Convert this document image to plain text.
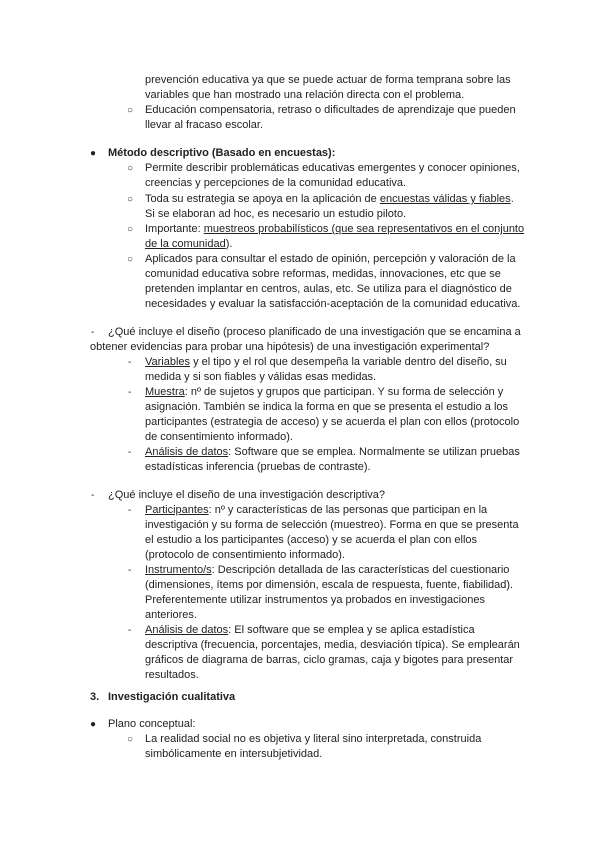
prevención educativa ya que se puede actuar de forma temprana sobre las
variables que han mostrado una relación directa con el problema.
○ Educación compensatoria, retraso o dificultades de aprendizaje que pueden
llevar al fracaso escolar.
● Método descriptivo (Basado en encuestas):
○ Permite describir problemáticas educativas emergentes y conocer opiniones,
creencias y percepciones de la comunidad educativa.
○ Toda su estrategia se apoya en la aplicación de encuestas válidas y fiables.
Si se elaboran ad hoc, es necesario un estudio piloto.
○ Importante: muestreos probabilísticos (que sea representativos en el conjunto
de la comunidad).
○ Aplicados para consultar el estado de opinión, percepción y valoración de la
comunidad educativa sobre reformas, medidas, innovaciones, etc que se
pretenden implantar en centros, aulas, etc. Se utiliza para el diagnóstico de
necesidades y evaluar la satisfacción-aceptación de la comunidad educativa.
- ¿Qué incluye el diseño (proceso planificado de una investigación que se encamina a
obtener evidencias para probar una hipótesis) de una investigación experimental?
- Variables y el tipo y el rol que desempeña la variable dentro del diseño, su
medida y si son fiables y válidas esas medidas.
- Muestra: nº de sujetos y grupos que participan. Y su forma de selección y
asignación. También se indica la forma en que se presenta el estudio a los
participantes (estrategia de acceso) y se acuerda el plan con ellos (protocolo
de consentimiento informado).
- Análisis de datos: Software que se emplea. Normalmente se utilizan pruebas
estadísticas inferencia (pruebas de contraste).
- ¿Qué incluye el diseño de una investigación descriptiva?
- Participantes: nº y características de las personas que participan en la
investigación y su forma de selección (muestreo). Forma en que se presenta
el estudio a los participantes (acceso) y se acuerda el plan con ellos
(protocolo de consentimiento informado).
- Instrumento/s: Descripción detallada de las características del cuestionario
(dimensiones, ítems por dimensión, escala de respuesta, fuente, fiabilidad).
Preferentemente utilizar instrumentos ya probados en investigaciones
anteriores.
- Análisis de datos: El software que se emplea y se aplica estadística
descriptiva (frecuencia, porcentajes, media, desviación típica). Se emplearán
gráficos de diagrama de barras, ciclo gramas, caja y bigotes para presentar
resultados.
3. Investigación cualitativa
● Plano conceptual:
○ La realidad social no es objetiva y literal sino interpretada, construida
simbólicamente en intersubjetividad.
